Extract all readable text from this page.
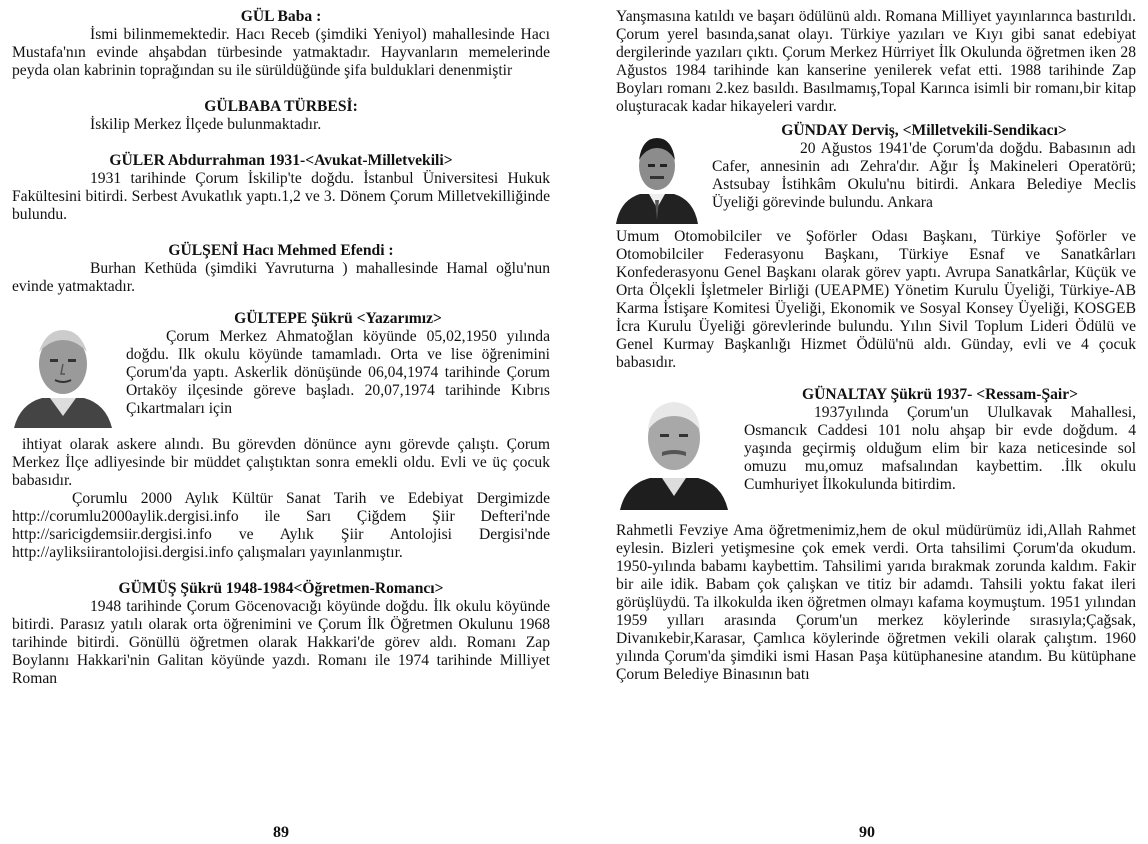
GÜL Baba :

İsmi bilinmemektedir. Hacı Receb (şimdiki Yeniyol) mahallesinde Hacı Mustafa'nın evinde ahşabdan türbesinde yatmaktadır. Hayvanların memelerinde peyda olan kabrinin toprağından su ile sürüldüğünde şifa bulduklari denenmiştir

GÜLBABA TÜRBESİ:

İskilip Merkez İlçede bulunmaktadır.

GÜLER Abdurrahman 1931-<Avukat-Milletvekili>

1931 tarihinde Çorum İskilip'te doğdu. İstanbul Üniversitesi Hukuk Fakültesini bitirdi. Serbest Avukatlık yaptı.1,2 ve 3. Dönem Çorum Milletvekilliğinde bulundu.

GÜLŞENİ Hacı Mehmed Efendi :

Burhan Kethüda (şimdiki Yavruturna ) mahallesinde Hamal oğlu'nun evinde yatmaktadır.

GÜLTEPE Şükrü <Yazarımız>

Çorum Merkez Ahmatoğlan köyünde 05,02,1950 yılında doğdu. Ilk okulu köyünde tamamladı. Orta ve lise öğrenimini Çorum'da yaptı. Askerlik dönüşünde 06,04,1974 tarihinde Çorum Ortaköy ilçesinde göreve başladı. 20,07,1974 tarihinde Kıbrıs Çıkartmaları için

ihtiyat olarak askere alındı. Bu görevden dönünce aynı görevde çalıştı. Çorum Merkez İlçe adliyesinde bir müddet çalıştıktan sonra emekli oldu. Evli ve üç çocuk babasıdır.

Çorumlu 2000 Aylık Kültür Sanat Tarih ve Edebiyat Dergimizde http://corumlu2000aylik.dergisi.info ile Sarı Çiğdem Şiir Defteri'nde http://saricigdemsiir.dergisi.info ve Aylık Şiir Antolojisi Dergisi'nde http://ayliksiirantolojisi.dergisi.info çalışmaları yayınlanmıştır.

GÜMÜŞ Şükrü 1948-1984<Öğretmen-Romancı>

1948 tarihinde Çorum Göcenovacığı köyünde doğdu. İlk okulu köyünde bitirdi. Parasız yatılı olarak orta öğrenimini ve Çorum İlk Öğretmen Okulunu 1968 tarihinde bitirdi. Gönüllü öğretmen olarak Hakkari'de görev aldı. Romanı Zap Boylannı Hakkari'nin Galitan köyünde yazdı. Romanı ile 1974 tarihinde Milliyet Roman

89

Yanşmasına katıldı ve başarı ödülünü aldı. Romana Milliyet yayınlarınca bastırıldı. Çorum yerel basında,sanat olayı. Türkiye yazıları ve Kıyı gibi sanat edebiyat dergilerinde yazıları çıktı. Çorum Merkez Hürriyet İlk Okulunda öğretmen iken 28 Ağustos 1984 tarihinde kan kanserine yenilerek vefat etti. 1988 tarihinde Zap Boyları romanı 2.kez basıldı. Basılmamış,Topal Karınca isimli bir romanı,bir kitap oluşturacak kadar hikayeleri vardır.

GÜNDAY Derviş, <Milletvekili-Sendikacı>

20 Ağustos 1941'de Çorum'da doğdu. Babasının adı Cafer, annesinin adı Zehra'dır. Ağır İş Makineleri Operatörü; Astsubay İstihkâm Okulu'nu bitirdi. Ankara Belediye Meclis Üyeliği görevinde bulundu. Ankara

Umum Otomobilciler ve Şoförler Odası Başkanı, Türkiye Şoförler ve Otomobilciler Federasyonu Başkanı, Türkiye Esnaf ve Sanatkârları Konfederasyonu Genel Başkanı olarak görev yaptı. Avrupa Sanatkârlar, Küçük ve Orta Ölçekli İşletmeler Birliği (UEAPME) Yönetim Kurulu Üyeliği, Türkiye-AB Karma İstişare Komitesi Üyeliği, Ekonomik ve Sosyal Konsey Üyeliği, KOSGEB İcra Kurulu Üyeliği görevlerinde bulundu. Yılın Sivil Toplum Lideri Ödülü ve Genel Kurmay Başkanlığı Hizmet Ödülü'nü aldı. Günday, evli ve 4 çocuk babasıdır.

GÜNALTAY Şükrü 1937- <Ressam-Şair>

1937yılında Çorum'un Ululkavak Mahallesi, Osmancık Caddesi 101 nolu ahşap bir evde doğdum. 4 yaşında geçirmiş olduğum elim bir kaza neticesinde sol omuzu mu,omuz mafsalından kaybettim. .İlk okulu Cumhuriyet İlkokulunda bitirdim.

Rahmetli Fevziye Ama öğretmenimiz,hem de okul müdürümüz idi,Allah Rahmet eylesin. Bizleri yetişmesine çok emek verdi. Orta tahsilimi Çorum'da okudum. 1950-yılında babamı kaybettim. Tahsilimi yarıda bırakmak zorunda kaldım. Fakir bir aile idik. Babam çok çalışkan ve titiz bir adamdı. Tahsili yoktu fakat ileri görüşlüydü. Ta ilkokulda iken öğretmen olmayı kafama koymuştum. 1951 yılından 1959 yılları arasında Çorum'un merkez köylerinde sırasıyla;Çağsak, Divanıkebir,Karasar, Çamlıca köylerinde öğretmen vekili olarak çalıştım. 1960 yılında Çorum'da şimdiki ismi Hasan Paşa kütüphanesine atandım. Bu kütüphane Çorum Belediye Binasının batı

90
